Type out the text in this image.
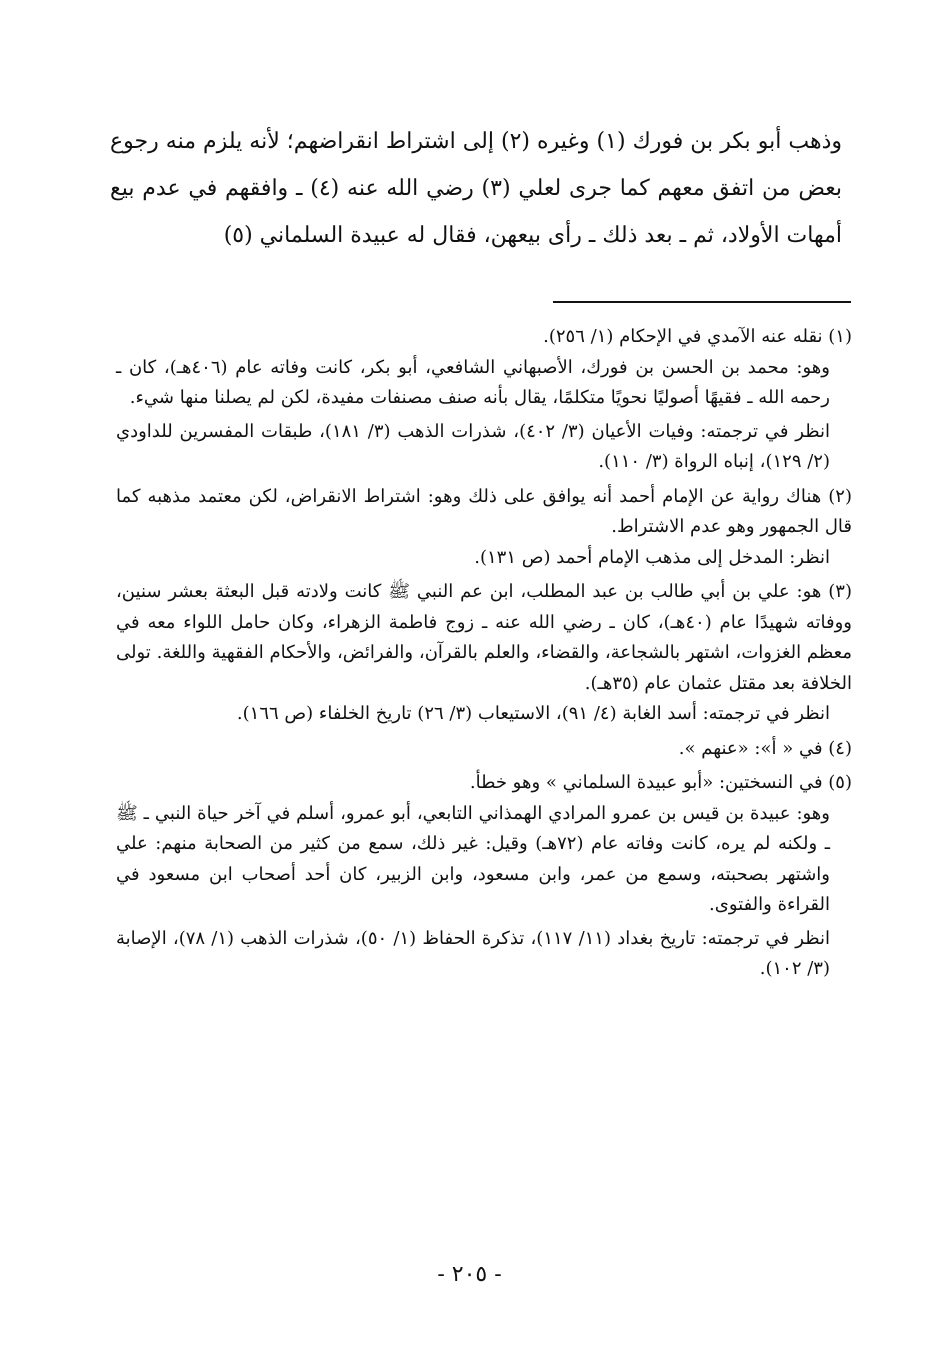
وذهب أبو بكر بن فورك (١) وغيره (٢) إلى اشتراط انقراضهم؛ لأنه يلزم منه رجوع بعض من اتفق معهم كما جرى لعلي (٣) رضي الله عنه (٤) ـ وافقهم في عدم بيع أمهات الأولاد، ثم ـ بعد ذلك ـ رأى بيعهن، فقال له عبيدة السلماني (٥)

(١) نقله عنه الآمدي في الإحكام (١/ ٢٥٦).

وهو: محمد بن الحسن بن فورك، الأصبهاني الشافعي، أبو بكر، كانت وفاته عام (٤٠٦هـ)، كان ـ رحمه الله ـ فقيهًا أصوليًا نحويًا متكلمًا، يقال بأنه صنف مصنفات مفيدة، لكن لم يصلنا منها شيء.

انظر في ترجمته: وفيات الأعيان (٣/ ٤٠٢)، شذرات الذهب (٣/ ١٨١)، طبقات المفسرين للداودي (٢/ ١٢٩)، إنباه الرواة (٣/ ١١٠).

(٢) هناك رواية عن الإمام أحمد أنه يوافق على ذلك وهو: اشتراط الانقراض، لكن معتمد مذهبه كما قال الجمهور وهو عدم الاشتراط.

انظر: المدخل إلى مذهب الإمام أحمد (ص ١٣١).

(٣) هو: علي بن أبي طالب بن عبد المطلب، ابن عم النبي ﷺ كانت ولادته قبل البعثة بعشر سنين، ووفاته شهيدًا عام (٤٠هـ)، كان ـ رضي الله عنه ـ زوج فاطمة الزهراء، وكان حامل اللواء معه في معظم الغزوات، اشتهر بالشجاعة، والقضاء، والعلم بالقرآن، والفرائض، والأحكام الفقهية واللغة. تولى الخلافة بعد مقتل عثمان عام (٣٥هـ).

انظر في ترجمته: أسد الغابة (٤/ ٩١)، الاستيعاب (٣/ ٢٦) تاريخ الخلفاء (ص ١٦٦).

(٤) في « أ»: «عنهم ».

(٥) في النسختين: «أبو عبيدة السلماني » وهو خطأ.

وهو: عبيدة بن قيس بن عمرو المرادي الهمذاني التابعي، أبو عمرو، أسلم في آخر حياة النبي ـ ﷺ ـ ولكنه لم يره، كانت وفاته عام (٧٢هـ) وقيل: غير ذلك، سمع من كثير من الصحابة منهم: علي واشتهر بصحبته، وسمع من عمر، وابن مسعود، وابن الزبير، كان أحد أصحاب ابن مسعود في القراءة والفتوى.

انظر في ترجمته: تاريخ بغداد (١١/ ١١٧)، تذكرة الحفاظ (١/ ٥٠)، شذرات الذهب (١/ ٧٨)، الإصابة (٣/ ١٠٢).

- ٢٠٥ -
